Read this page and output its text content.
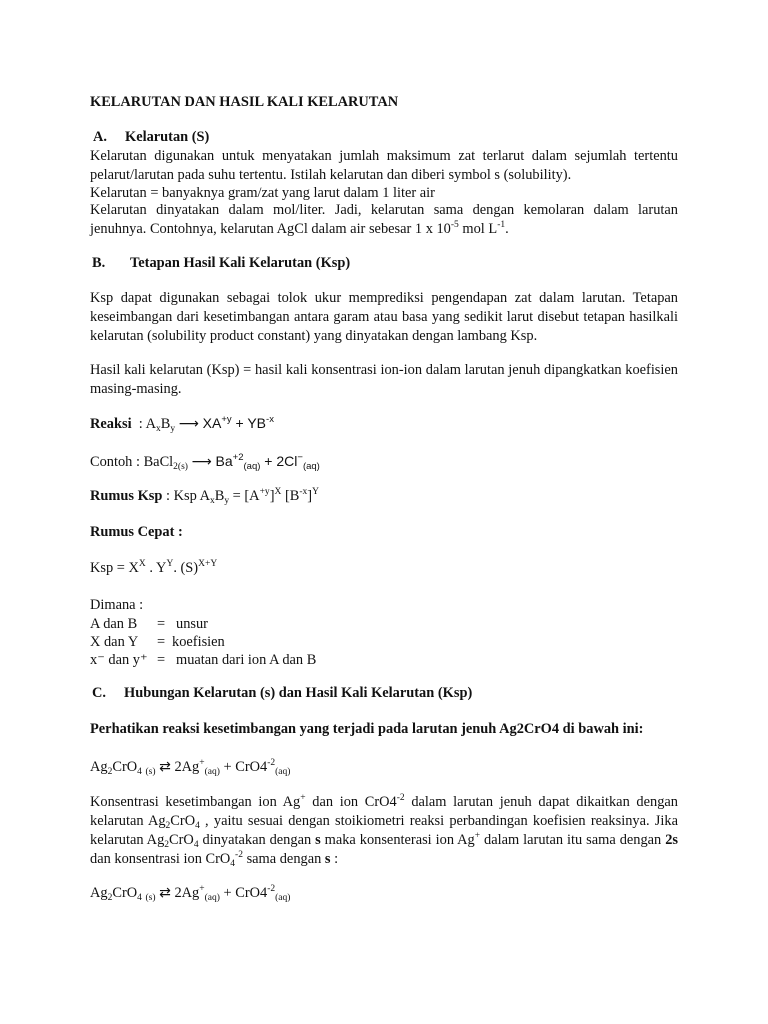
KELARUTAN DAN HASIL KALI KELARUTAN
A. Kelarutan (S)
Kelarutan digunakan untuk menyatakan jumlah maksimum zat terlarut dalam sejumlah tertentu pelarut/larutan pada suhu tertentu. Istilah kelarutan dan diberi symbol s (solubility).
Kelarutan = banyaknya gram/zat yang larut dalam 1 liter air
Kelarutan dinyatakan dalam mol/liter. Jadi, kelarutan sama dengan kemolaran dalam larutan jenuhnya. Contohnya, kelarutan AgCl dalam air sebesar 1 x $10^{-5}$ mol $L^{-1}$.
B. Tetapan Hasil Kali Kelarutan (Ksp)
Ksp dapat digunakan sebagai tolok ukur memprediksi pengendapan zat dalam larutan. Tetapan keseimbangan dari kesetimbangan antara garam atau basa yang sedikit larut disebut tetapan hasilkali kelarutan (solubility product constant) yang dinyatakan dengan lambang Ksp.
Hasil kali kelarutan (Ksp) = hasil kali konsentrasi ion-ion dalam larutan jenuh dipangkatkan koefisien masing-masing.
Reaksi  : $A_xB_y$ ⟶ $XA^{+y} + YB^{-x}$
Contoh : BaCl$_{2(s)}$ ⟶ $Ba^{+2}_{(aq)} + 2Cl^-_{(aq)}$
Rumus Ksp : Ksp $A_xB_y = [A^{+y}]^X$ $[B^{-x}]^Y$
Rumus Cepat :
Ksp = $X^X$ . $Y^Y$. $(S)^{X+Y}$
Dimana :
A dan B	=	unsur
X dan Y	=	koefisien
x⁻ dan y⁺	=	muatan dari ion A dan B
C. Hubungan Kelarutan (s) dan Hasil Kali Kelarutan (Ksp)
Perhatikan reaksi kesetimbangan yang terjadi pada larutan jenuh Ag2CrO4 di bawah ini:
$Ag_2CrO_4$ $_{(s)}$ ⇄ $2Ag^+_{(aq)} + CrO4^{-2}_{(aq)}$
Konsentrasi kesetimbangan ion Ag+ dan ion $CrO4^{-2}$ dalam larutan jenuh dapat dikaitkan dengan kelarutan $Ag_2CrO_4$ , yaitu sesuai dengan stoikiometri reaksi perbandingan koefisien reaksinya. Jika kelarutan $Ag_2CrO_4$ dinyatakan dengan s maka konsenterasi ion Ag+ dalam larutan itu sama dengan 2s dan konsentrasi ion CrO$_4^{-2}$ sama dengan s :
$Ag_2CrO_4$ $_{(s)}$ ⇄ $2Ag^+_{(aq)} + CrO4^{-2}_{(aq)}$
